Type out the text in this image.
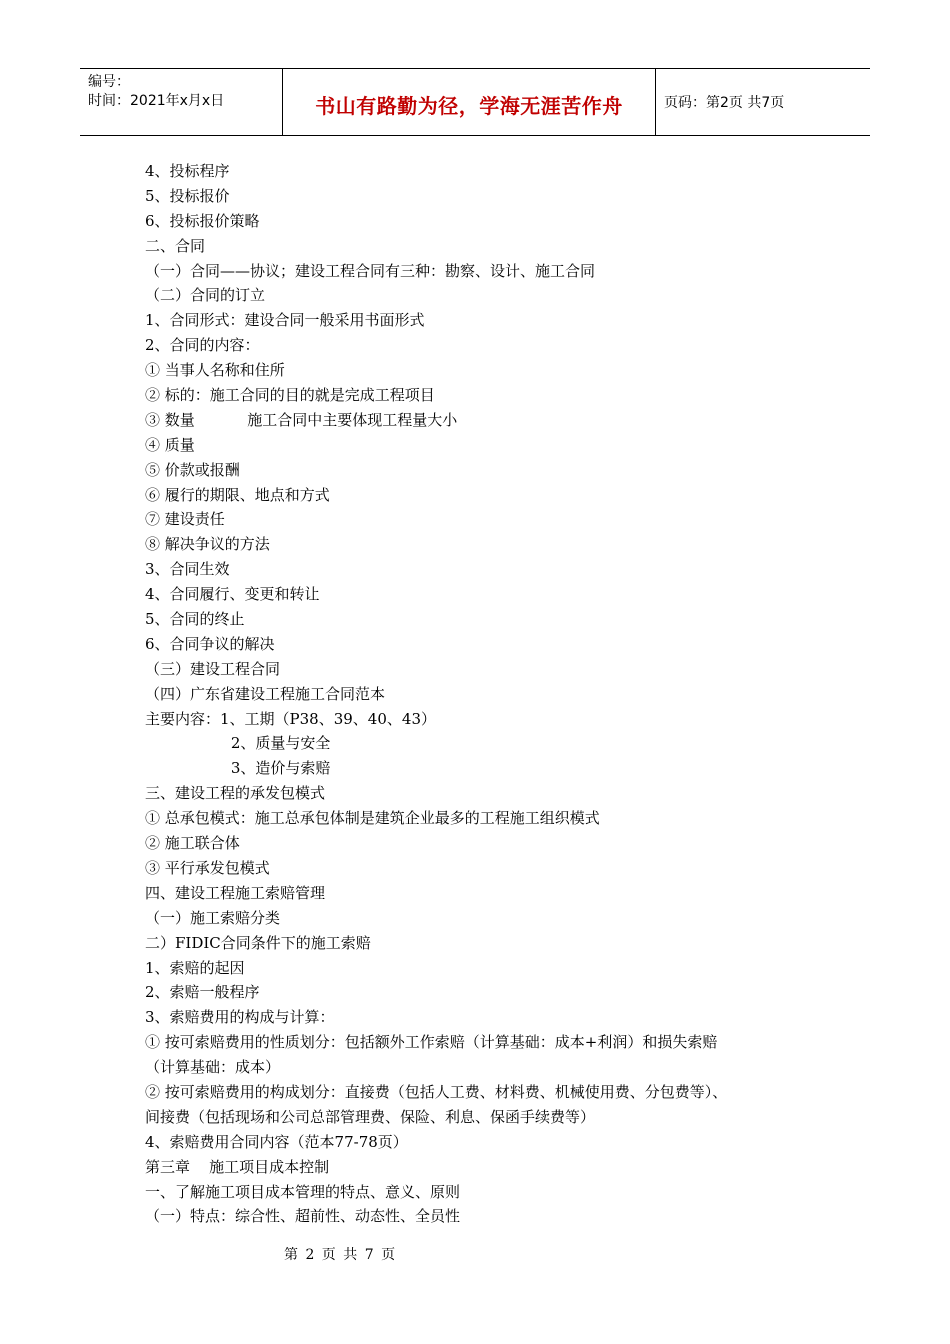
编号：
时间：2021年x月x日	书山有路勤为径，学海无涯苦作舟	页码：第2页 共7页
4、投标程序
5、投标报价
6、投标报价策略
二、合同
（一）合同——协议；建设工程合同有三种：勘察、设计、施工合同
（二）合同的订立
1、合同形式：建设合同一般采用书面形式
2、合同的内容：
① 当事人名称和住所
② 标的：施工合同的目的就是完成工程项目
③ 数量           施工合同中主要体现工程量大小
④ 质量
⑤ 价款或报酬
⑥ 履行的期限、地点和方式
⑦ 建设责任
⑧ 解决争议的方法
3、合同生效
4、合同履行、变更和转让
5、合同的终止
6、合同争议的解决
（三）建设工程合同
（四）广东省建设工程施工合同范本
主要内容：1、工期（P38、39、40、43）
2、质量与安全
3、造价与索赔
三、建设工程的承发包模式
① 总承包模式：施工总承包体制是建筑企业最多的工程施工组织模式
② 施工联合体
③ 平行承发包模式
四、建设工程施工索赔管理
（一）施工索赔分类
二）FIDIC合同条件下的施工索赔
1、索赔的起因
2、索赔一般程序
3、索赔费用的构成与计算：
① 按可索赔费用的性质划分：包括额外工作索赔（计算基础：成本+利润）和损失索赔
（计算基础：成本）
② 按可索赔费用的构成划分：直接费（包括人工费、材料费、机械使用费、分包费等）、
间接费（包括现场和公司总部管理费、保险、利息、保函手续费等）
4、索赔费用合同内容（范本77-78页）
第三章    施工项目成本控制
一、了解施工项目成本管理的特点、意义、原则
（一）特点：综合性、超前性、动态性、全员性
第 2 页 共 7 页
